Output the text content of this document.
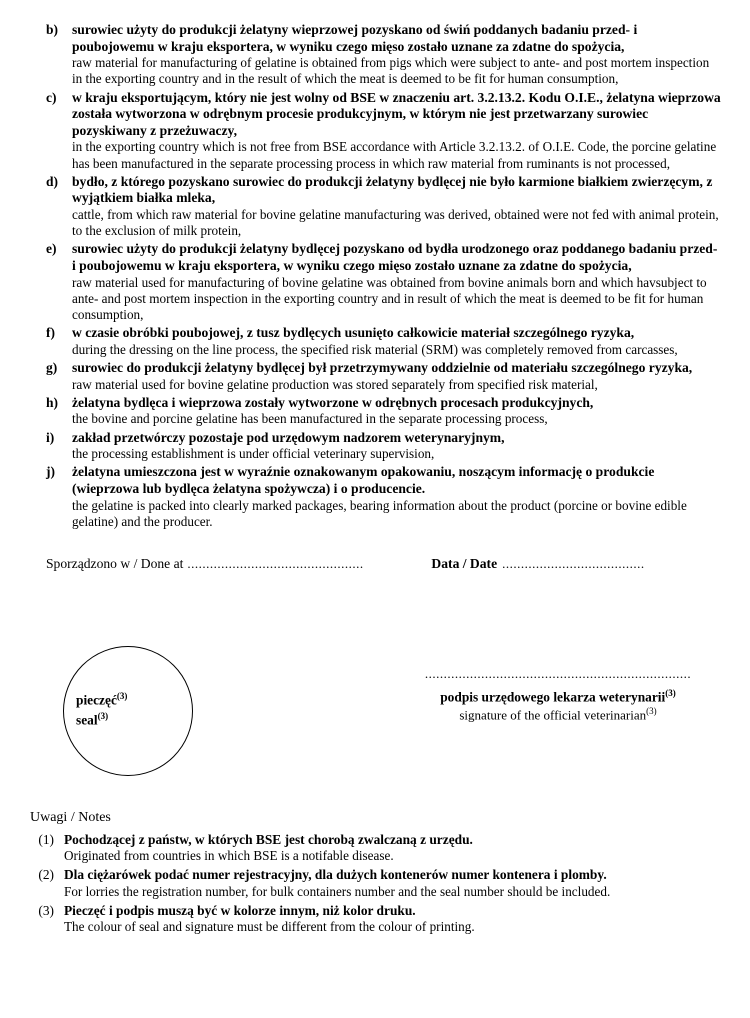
b)	surowiec użyty do produkcji żelatyny wieprzowej pozyskano od świń poddanych badaniu przed- i poubojowemu w kraju eksportera, w wyniku czego mięso zostało uznane za zdatne do spożycia,
raw material for manufacturing of gelatine is obtained from pigs which were subject to ante- and post mortem inspection in the exporting country and in the result of which the meat is deemed to be fit for human consumption,
c)	w kraju eksportującym, który nie jest wolny od BSE w znaczeniu art. 3.2.13.2. Kodu O.I.E., żelatyna wieprzowa została wytworzona w odrębnym procesie produkcyjnym, w którym nie jest przetwarzany surowiec pozyskiwany z przeżuwaczy,
in the exporting country which is not free from BSE accordance with Article 3.2.13.2. of O.I.E. Code, the porcine gelatine has been manufactured in the separate processing process in which raw material from ruminants is not processed,
d)	bydło, z którego pozyskano surowiec do produkcji żelatyny bydlęcej nie było karmione białkiem zwierzęcym, z wyjątkiem białka mleka,
cattle, from which raw material for bovine gelatine manufacturing was derived, obtained were not fed with animal protein, to the exclusion of milk protein,
e)	surowiec użyty do produkcji żelatyny bydlęcej pozyskano od bydła urodzonego oraz poddanego badaniu przed- i poubojowemu w kraju eksportera, w wyniku czego mięso zostało uznane za zdatne do spożycia,
raw material used for manufacturing of bovine gelatine was obtained from bovine animals born and which havsubject to ante- and post mortem inspection in the exporting country and in result of which the meat is deemed to be fit for human consumption,
f)	w czasie obróbki poubojowej, z tusz bydlęcych usunięto całkowicie materiał szczególnego ryzyka,
during the dressing on the line process, the specified risk material (SRM) was completely removed from carcasses,
g)	surowiec do produkcji żelatyny bydlęcej był przetrzymywany oddzielnie od materiału szczególnego ryzyka,
raw material used for bovine gelatine production was stored separately from specified risk material,
h)	żelatyna bydlęca i wieprzowa zostały wytworzone w odrębnych procesach produkcyjnych,
the bovine and porcine gelatine has been manufactured in the separate processing process,
i)	zakład przetwórczy pozostaje pod urzędowym nadzorem weterynaryjnym,
the processing establishment is under official veterinary supervision,
j)	żelatyna umieszczona jest w wyraźnie oznakowanym opakowaniu, noszącym informację o produkcie (wieprzowa lub bydlęca żelatyna spożywcza) i o producencie.
the gelatine is packed into clearly marked packages, bearing information about the product (porcine or bovine edible gelatine) and the producer.
Sporządzono w / Done at ...............................................	Data / Date ......................................
pieczęć$^{(3)}$
seal$^{(3)}$
.......................................................................
podpis urzędowego lekarza weterynarii$^{(3)}$
signature of the official veterinarian$^{(3)}$
Uwagi / Notes
(1) Pochodzącej z państw, w których BSE jest chorobą zwalczaną z urzędu.
Originated from countries in which BSE is a notifable disease.
(2) Dla ciężarówek podać numer rejestracyjny, dla dużych kontenerów numer kontenera i plomby.
For lorries the registration number, for bulk containers number and the seal number should be included.
(3) Pieczęć i podpis muszą być w kolorze innym, niż kolor druku.
The colour of seal and signature must be different from the colour of printing.
